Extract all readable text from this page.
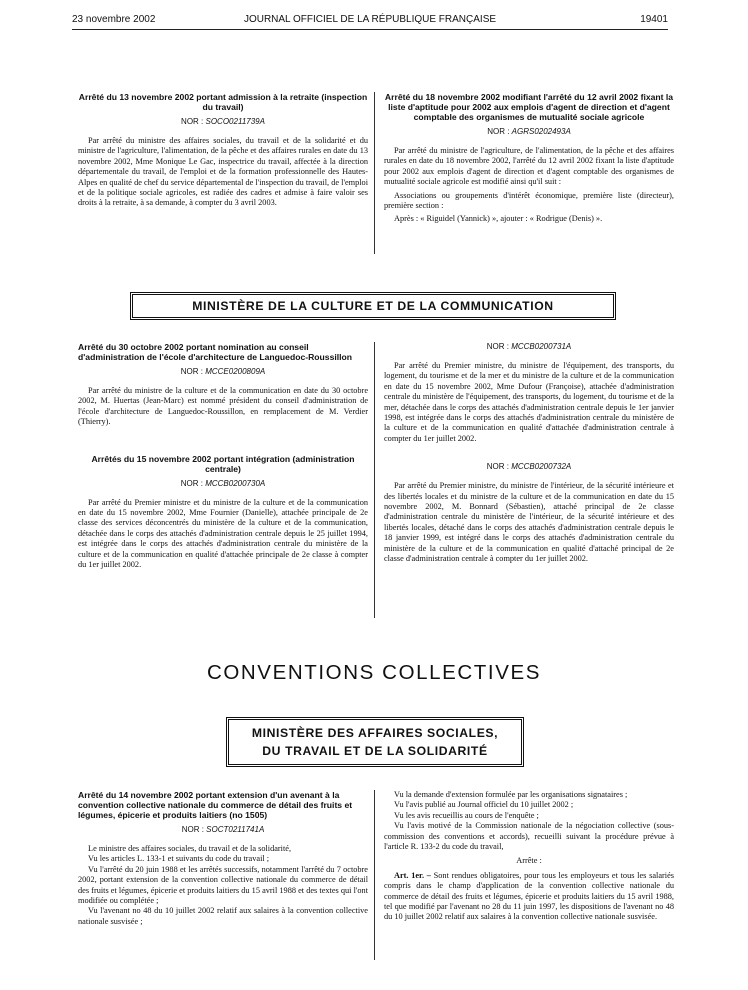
23 novembre 2002	JOURNAL OFFICIEL DE LA RÉPUBLIQUE FRANÇAISE	19401
Arrêté du 13 novembre 2002 portant admission à la retraite (inspection du travail)
NOR : SOCO0211739A

Par arrêté du ministre des affaires sociales, du travail et de la solidarité et du ministre de l'agriculture, l'alimentation, de la pêche et des affaires rurales en date du 13 novembre 2002, Mme Monique Le Gac, inspectrice du travail, affectée à la direction départementale du travail, de l'emploi et de la formation professionnelle des Hautes-Alpes en qualité de chef du service départemental de l'inspection du travail, de l'emploi et de la politique sociale agricoles, est radiée des cadres et admise à faire valoir ses droits à la retraite, à sa demande, à compter du 3 avril 2003.

Arrêté du 18 novembre 2002 modifiant l'arrêté du 12 avril 2002 fixant la liste d'aptitude pour 2002 aux emplois d'agent de direction et d'agent comptable des organismes de mutualité sociale agricole
NOR : AGRS0202493A

Par arrêté du ministre de l'agriculture, de l'alimentation, de la pêche et des affaires rurales en date du 18 novembre 2002, l'arrêté du 12 avril 2002 fixant la liste d'aptitude pour 2002 aux emplois d'agent de direction et d'agent comptable des organismes de mutualité sociale agricole est modifié ainsi qu'il suit :

Associations ou groupements d'intérêt économique, première liste (directeur), première section :

Après : « Riguidel (Yannick) », ajouter : « Rodrigue (Denis) ».

MINISTÈRE DE LA CULTURE ET DE LA COMMUNICATION
Arrêté du 30 octobre 2002 portant nomination au conseil d'administration de l'école d'architecture de Languedoc-Roussillon
NOR : MCCE0200809A

Par arrêté du ministre de la culture et de la communication en date du 30 octobre 2002, M. Huertas (Jean-Marc) est nommé président du conseil d'administration de l'école d'architecture de Languedoc-Roussillon, en remplacement de M. Verdier (Thierry).

Arrêtés du 15 novembre 2002 portant intégration (administration centrale)
NOR : MCCB0200730A

Par arrêté du Premier ministre et du ministre de la culture et de la communication en date du 15 novembre 2002, Mme Fournier (Danielle), attachée principale de 2e classe des services déconcentrés du ministère de la culture et de la communication, détachée dans le corps des attachés d'administration centrale depuis le 25 juillet 1994, est intégrée dans le corps des attachés d'administration centrale du ministère de la culture et de la communication en qualité d'attachée principale de 2e classe à compter du 1er juillet 2002.

NOR : MCCB0200731A

Par arrêté du Premier ministre, du ministre de l'équipement, des transports, du logement, du tourisme et de la mer et du ministre de la culture et de la communication en date du 15 novembre 2002, Mme Dufour (Françoise), attachée d'administration centrale du ministère de l'équipement, des transports, du logement, du tourisme et de la mer, détachée dans le corps des attachés d'administration centrale depuis le 1er janvier 1998, est intégrée dans le corps des attachés d'administration centrale du ministère de la culture et de la communication en qualité d'attachée d'administration centrale à compter du 1er juillet 2002.

NOR : MCCB0200732A

Par arrêté du Premier ministre, du ministre de l'intérieur, de la sécurité intérieure et des libertés locales et du ministre de la culture et de la communication en date du 15 novembre 2002, M. Bonnard (Sébastien), attaché principal de 2e classe d'administration centrale du ministère de l'intérieur, de la sécurité intérieure et des libertés locales, détaché dans le corps des attachés d'administration centrale depuis le 18 janvier 1999, est intégré dans le corps des attachés d'administration centrale du ministère de la culture et de la communication en qualité d'attaché principal de 2e classe d'administration centrale à compter du 1er juillet 2002.

CONVENTIONS COLLECTIVES
MINISTÈRE DES AFFAIRES SOCIALES,
DU TRAVAIL ET DE LA SOLIDARITÉ
Arrêté du 14 novembre 2002 portant extension d'un avenant à la convention collective nationale du commerce de détail des fruits et légumes, épicerie et produits laitiers (no 1505)
NOR : SOCT0211741A

Le ministre des affaires sociales, du travail et de la solidarité,

Vu les articles L. 133-1 et suivants du code du travail ;

Vu l'arrêté du 20 juin 1988 et les arrêtés successifs, notamment l'arrêté du 7 octobre 2002, portant extension de la convention collective nationale du commerce de détail des fruits et légumes, épicerie et produits laitiers du 15 avril 1988 et des textes qui l'ont modifiée ou complétée ;

Vu l'avenant no 48 du 10 juillet 2002 relatif aux salaires à la convention collective nationale susvisée ;

Vu la demande d'extension formulée par les organisations signataires ;

Vu l'avis publié au Journal officiel du 10 juillet 2002 ;

Vu les avis recueillis au cours de l'enquête ;

Vu l'avis motivé de la Commission nationale de la négociation collective (sous-commission des conventions et accords), recueilli suivant la procédure prévue à l'article R. 133-2 du code du travail,

Arrête :

Art. 1er. – Sont rendues obligatoires, pour tous les employeurs et tous les salariés compris dans le champ d'application de la convention collective nationale du commerce de détail des fruits et légumes, épicerie et produits laitiers du 15 avril 1988, tel que modifié par l'avenant no 28 du 11 juin 1997, les dispositions de l'avenant no 48 du 10 juillet 2002 relatif aux salaires à la convention collective nationale susvisée.
